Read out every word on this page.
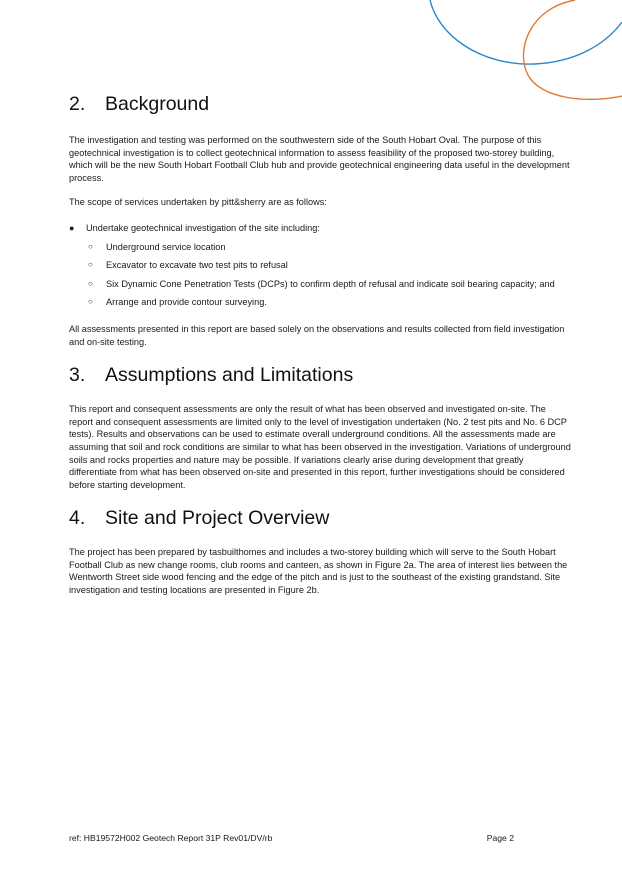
2. Background

The investigation and testing was performed on the southwestern side of the South Hobart Oval. The purpose of this geotechnical investigation is to collect geotechnical information to assess feasibility of the proposed two-storey building, which will be the new South Hobart Football Club hub and provide geotechnical engineering data useful in the development process.

The scope of services undertaken by pitt&sherry are as follows:

● Undertake geotechnical investigation of the site including:
○ Underground service location
○ Excavator to excavate two test pits to refusal
○ Six Dynamic Cone Penetration Tests (DCPs) to confirm depth of refusal and indicate soil bearing capacity; and
○ Arrange and provide contour surveying.

All assessments presented in this report are based solely on the observations and results collected from field investigation and on-site testing.

3. Assumptions and Limitations

This report and consequent assessments are only the result of what has been observed and investigated on-site. The report and consequent assessments are limited only to the level of investigation undertaken (No. 2 test pits and No. 6 DCP tests). Results and observations can be used to estimate overall underground conditions. All the assessments made are assuming that soil and rock conditions are similar to what has been observed in the investigation. Variations of underground soils and rocks properties and nature may be possible. If variations clearly arise during development that greatly differentiate from what has been observed on-site and presented in this report, further investigations should be considered before starting development.

4. Site and Project Overview

The project has been prepared by tasbuilthomes and includes a two-storey building which will serve to the South Hobart Football Club as new change rooms, club rooms and canteen, as shown in Figure 2a. The area of interest lies between the Wentworth Street side wood fencing and the edge of the pitch and is just to the southeast of the existing grandstand. Site investigation and testing locations are presented in Figure 2b.

ref: HB19572H002 Geotech Report 31P Rev01/DV/rb	Page 2
